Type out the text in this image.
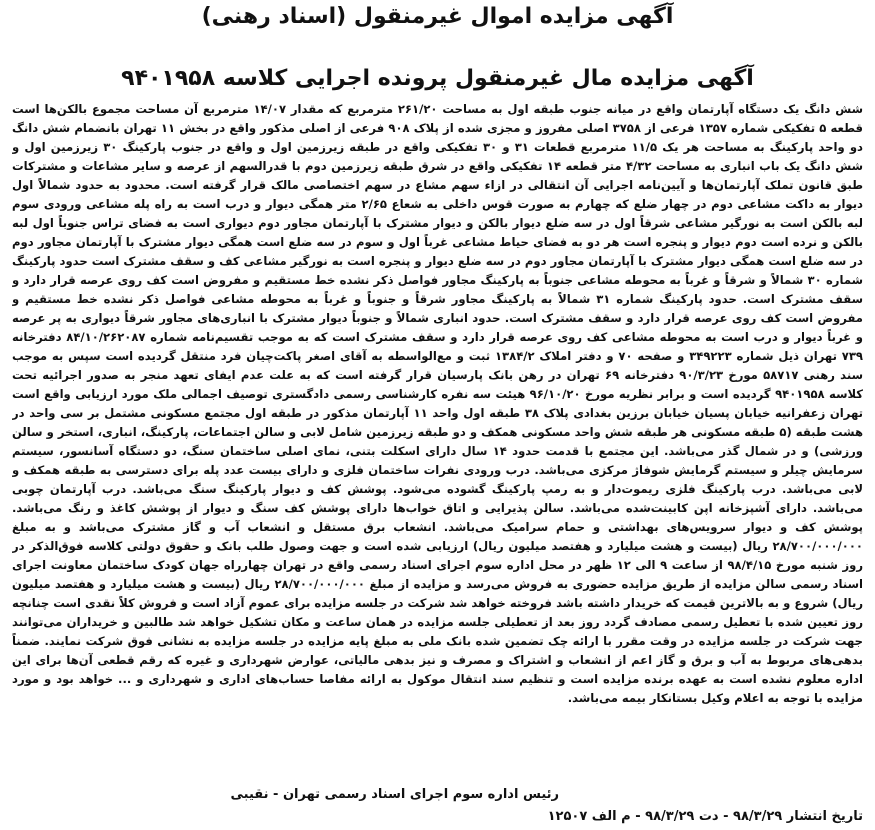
آگهی مزایده اموال غیرمنقول (اسناد رهنی)
آگهی مزایده مال غیرمنقول پرونده اجرایی کلاسه ۹۴۰۱۹۵۸
شش دانگ یک دستگاه آپارتمان واقع در میانه جنوب طبقه اول به مساحت ۲۶۱/۲۰ مترمربع که مقدار ۱۴/۰۷ مترمربع آن مساحت مجموع بالکن‌ها است قطعه ۵ تفکیکی شماره ۱۳۵۷ فرعی از ۳۷۵۸ اصلی مفروز و مجزی شده از پلاک ۹۰۸ فرعی از اصلی مذکور واقع در بخش ۱۱ تهران بانضمام شش دانگ دو واحد پارکینگ به مساحت هر یک ۱۱/۵ مترمربع قطعات ۳۱ و ۳۰ تفکیکی واقع در طبقه زیرزمین اول و واقع در جنوب پارکینگ ۳۰ زیرزمین اول و شش دانگ یک باب انباری به مساحت ۴/۳۲ متر قطعه ۱۴ تفکیکی واقع در شرق طبقه زیرزمین دوم با قدرالسهم از عرصه و سایر مشاعات و مشترکات طبق قانون تملک آپارتمان‌ها و آیین‌نامه اجرایی آن انتقالی در ازاء سهم مشاع در سهم اختصاصی مالک قرار گرفته است. محدود به حدود شمالاً اول دیوار به داکت مشاعی دوم در چهار ضلع که چهارم به صورت قوس داخلی به شعاع ۲/۶۵ متر همگی دیوار و درب است به راه پله مشاعی ورودی سوم لبه بالکن است به نورگیر مشاعی شرقاً اول در سه ضلع دیوار بالکن و دیوار مشترک با آپارتمان مجاور دوم دیواری است به فضای تراس جنوباً اول لبه بالکن و نرده است دوم دیوار و پنجره است هر دو به فضای حیاط مشاعی غرباً اول و سوم در سه ضلع است همگی دیوار مشترک با آپارتمان مجاور دوم در سه ضلع است همگی دیوار مشترک با آپارتمان مجاور دوم در سه ضلع دیوار و پنجره است به نورگیر مشاعی کف و سقف مشترک است حدود پارکینگ شماره ۳۰ شمالاً و شرقاً و غرباً به محوطه مشاعی جنوباً به پارکینگ مجاور فواصل ذکر نشده خط مستقیم و مفروض است کف روی عرصه قرار دارد و سقف مشترک است. حدود پارکینگ شماره ۳۱ شمالاً به پارکینگ مجاور شرقاً و جنوباً و غرباً به محوطه مشاعی فواصل ذکر نشده خط مستقیم و مفروض است کف روی عرصه قرار دارد و سقف مشترک است. حدود انباری شمالاً و جنوباً دیوار مشترک با انباری‌های مجاور شرقاً دیواری به پر عرصه و غرباً دیوار و درب است به محوطه مشاعی کف روی عرصه قرار دارد و سقف مشترک است که به موجب تقسیم‌نامه شماره ۸۴/۱۰/۲۶۲۰۸۷ دفترخانه ۷۳۹ تهران ذیل شماره ۳۴۹۲۲۳ و صفحه ۷۰ و دفتر املاک ۱۳۸۴/۲ ثبت و مع‌الواسطه به آقای اصغر پاکت‌چیان فرد منتقل گردیده است سپس به موجب سند رهنی ۵۸۷۱۷ مورخ ۹۰/۳/۲۳ دفترخانه ۶۹ تهران در رهن بانک پارسیان قرار گرفته است که به علت عدم ایفای تعهد منجر به صدور اجرائیه تحت کلاسه ۹۴۰۱۹۵۸ گردیده است و برابر نظریه مورخ ۹۶/۱۰/۲۰ هیئت سه نفره کارشناسی رسمی دادگستری توصیف اجمالی ملک مورد ارزیابی واقع است تهران زعفرانیه خیابان پسیان خیابان برزین بغدادی پلاک ۳۸ طبقه اول واحد ۱۱ آپارتمان مذکور در طبقه اول مجتمع مسکونی مشتمل بر سی واحد در هشت طبقه (۵ طبقه مسکونی هر طبقه شش واحد مسکونی همکف و دو طبقه زیرزمین شامل لابی و سالن اجتماعات، پارکینگ، انباری، استخر و سالن ورزشی) و در شمال گذر می‌باشد. این مجتمع با قدمت حدود ۱۴ سال دارای اسکلت بتنی، نمای اصلی ساختمان سنگ، دو دستگاه آسانسور، سیستم سرمایش چیلر و سیستم گرمایش شوفاژ مرکزی می‌باشد. درب ورودی نفرات ساختمان فلزی و دارای بیست عدد پله برای دسترسی به طبقه همکف و لابی می‌باشد. درب پارکینگ فلزی ریموت‌دار و به رمپ پارکینگ گشوده می‌شود. پوشش کف و دیوار پارکینگ سنگ می‌باشد. درب آپارتمان چوبی می‌باشد. دارای آشپزخانه اپن کابینت‌شده می‌باشد. سالن پذیرایی و اتاق خواب‌ها دارای پوشش کف سنگ و دیوار از پوشش کاغذ و رنگ می‌باشد. پوشش کف و دیوار سرویس‌های بهداشتی و حمام سرامیک می‌باشد. انشعاب برق مستقل و انشعاب آب و گاز مشترک می‌باشد و به مبلغ ۲۸/۷۰۰/۰۰۰/۰۰۰ ریال (بیست و هشت میلیارد و هفتصد میلیون ریال) ارزیابی شده است و جهت وصول طلب بانک و حقوق دولتی کلاسه فوق‌الذکر در روز شنبه مورخ ۹۸/۴/۱۵ از ساعت ۹ الی ۱۲ ظهر در محل اداره سوم اجرای اسناد رسمی واقع در تهران چهارراه جهان کودک ساختمان معاونت اجرای اسناد رسمی سالن مزایده از طریق مزایده حضوری به فروش می‌رسد و مزایده از مبلغ ۲۸/۷۰۰/۰۰۰/۰۰۰ ریال (بیست و هشت میلیارد و هفتصد میلیون ریال) شروع و به بالاترین قیمت که خریدار داشته باشد فروخته خواهد شد شرکت در جلسه مزایده برای عموم آزاد است و فروش کلاً نقدی است چنانچه روز تعیین شده با تعطیل رسمی مصادف گردد روز بعد از تعطیلی جلسه مزایده در همان ساعت و مکان تشکیل خواهد شد طالبین و خریداران می‌توانند جهت شرکت در جلسه مزایده در وقت مقرر با ارائه چک تضمین شده بانک ملی به مبلغ پایه مزایده در جلسه مزایده به نشانی فوق شرکت نمایند. ضمناً بدهی‌های مربوط به آب و برق و گاز اعم از انشعاب و اشتراک و مصرف و نیز بدهی مالیاتی، عوارض شهرداری و غیره که رقم قطعی آن‌ها برای این اداره معلوم نشده است به عهده برنده مزایده است و تنظیم سند انتقال موکول به ارائه مفاصا حساب‌های اداری و شهرداری و ... خواهد بود و مورد مزایده با توجه به اعلام وکیل بستانکار بیمه می‌باشد.
رئیس اداره سوم اجرای اسناد رسمی تهران - نقیبی
تاریخ انتشار ۹۸/۳/۲۹ - دت ۹۸/۳/۲۹ - م الف ۱۲۵۰۷
